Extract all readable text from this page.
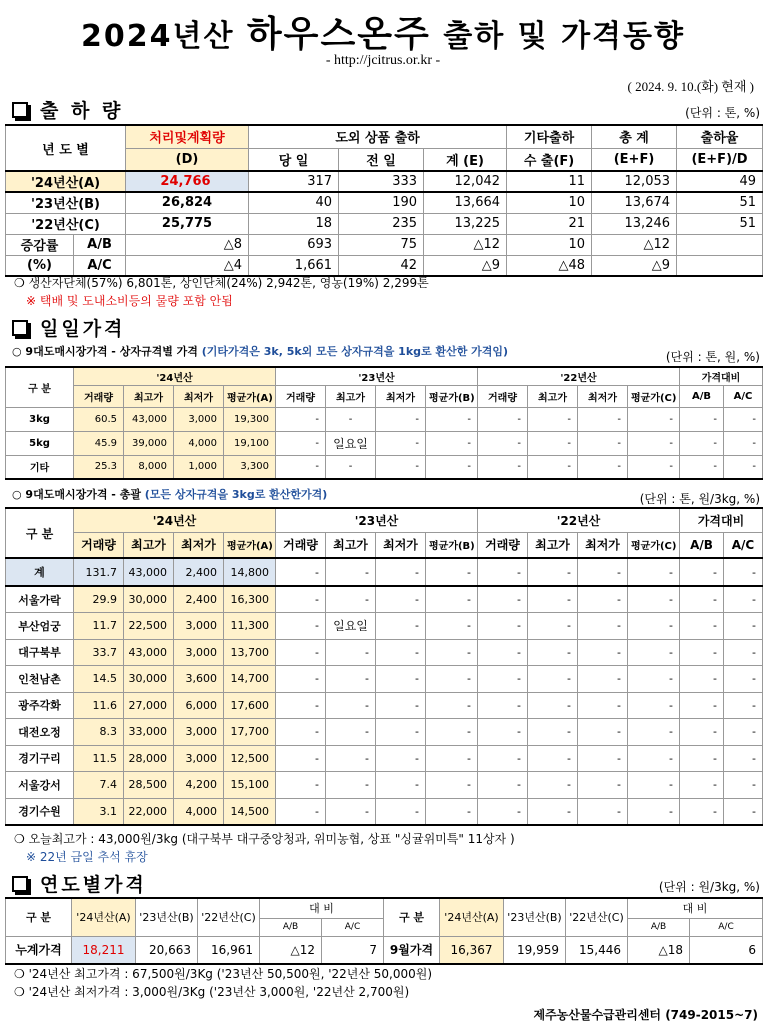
2024년산 하우스온주 출하 및 가격동향
- http://jcitrus.or.kr -
( 2024. 9. 10.(화) 현재 )
출 하 량	(단위 : 톤, %)
년 도 별		처리및계획량	도외 상품 출하			기타출하	총 계	출하율
		(D)	당 일	전 일	계 (E)	수 출(F)	(E+F)	(E+F)/D
'24년산(A)		24,766	317	333	12,042	11	12,053	49
'23년산(B)		26,824	40	190	13,664	10	13,674	51
'22년산(C)		25,775	18	235	13,225	21	13,246	51
증감률	A/B	△8	693	75	△12	10	△12	
(%)	A/C	△4	1,661	42	△9	△48	△9	
❍ 생산자단체(57%) 6,801톤, 상인단체(24%) 2,942톤, 영농(19%) 2,299톤
※ 택배 및 도내소비등의 물량 포함 안됨
일일가격
○ 9대도매시장가격 - 상자규격별 가격 (기타가격은 3k, 5k외 모든 상자규격을 1kg로 환산한 가격임)	(단위 : 톤, 원, %)
구 분	'24년산				'23년산				'22년산				가격대비	
	거래량	최고가	최저가	평균가(A)	거래량	최고가	최저가	평균가(B)	거래량	최고가	최저가	평균가(C)	A/B	A/C
3kg	60.5	43,000	3,000	19,300	-	-	-	-	-	-	-	-	-	-
5kg	45.9	39,000	4,000	19,100	-	일요일	-	-	-	-	-	-	-	-
기타	25.3	8,000	1,000	3,300	-	-	-	-	-	-	-	-	-	-
○ 9대도매시장가격 - 총괄 (모든 상자규격을 3kg로 환산한가격)	(단위 : 톤, 원/3kg, %)
구 분	'24년산				'23년산				'22년산				가격대비	
	거래량	최고가	최저가	평균가(A)	거래량	최고가	최저가	평균가(B)	거래량	최고가	최저가	평균가(C)	A/B	A/C
계	131.7	43,000	2,400	14,800	-	-	-	-	-	-	-	-	-	-
서울가락	29.9	30,000	2,400	16,300	-	-	-	-	-	-	-	-	-	-
부산엄궁	11.7	22,500	3,000	11,300	-	일요일	-	-	-	-	-	-	-	-
대구북부	33.7	43,000	3,000	13,700	-	-	-	-	-	-	-	-	-	-
인천남촌	14.5	30,000	3,600	14,700	-	-	-	-	-	-	-	-	-	-
광주각화	11.6	27,000	6,000	17,600	-	-	-	-	-	-	-	-	-	-
대전오정	8.3	33,000	3,000	17,700	-	-	-	-	-	-	-	-	-	-
경기구리	11.5	28,000	3,000	12,500	-	-	-	-	-	-	-	-	-	-
서울강서	7.4	28,500	4,200	15,100	-	-	-	-	-	-	-	-	-	-
경기수원	3.1	22,000	4,000	14,500	-	-	-	-	-	-	-	-	-	-
❍ 오늘최고가 : 43,000원/3kg (대구북부 대구중앙청과, 위미농협, 상표 "싱귤위미특" 11상자 )
※ 22년 금일 추석 휴장
연도별가격	(단위 : 원/3kg, %)
구 분	'24년산(A)	'23년산(B)	'22년산(C)	대 비		구 분	'24년산(A)	'23년산(B)	'22년산(C)	대 비	
				A/B	A/C					A/B	A/C
누계가격	18,211	20,663	16,961	△12	7	9월가격	16,367	19,959	15,446	△18	6
❍ '24년산 최고가격 : 67,500원/3Kg ('23년산 50,500원, '22년산 50,000원)
❍ '24년산 최저가격 : 3,000원/3Kg ('23년산 3,000원, '22년산 2,700원)
제주농산물수급관리센터 (749-2015~7)
